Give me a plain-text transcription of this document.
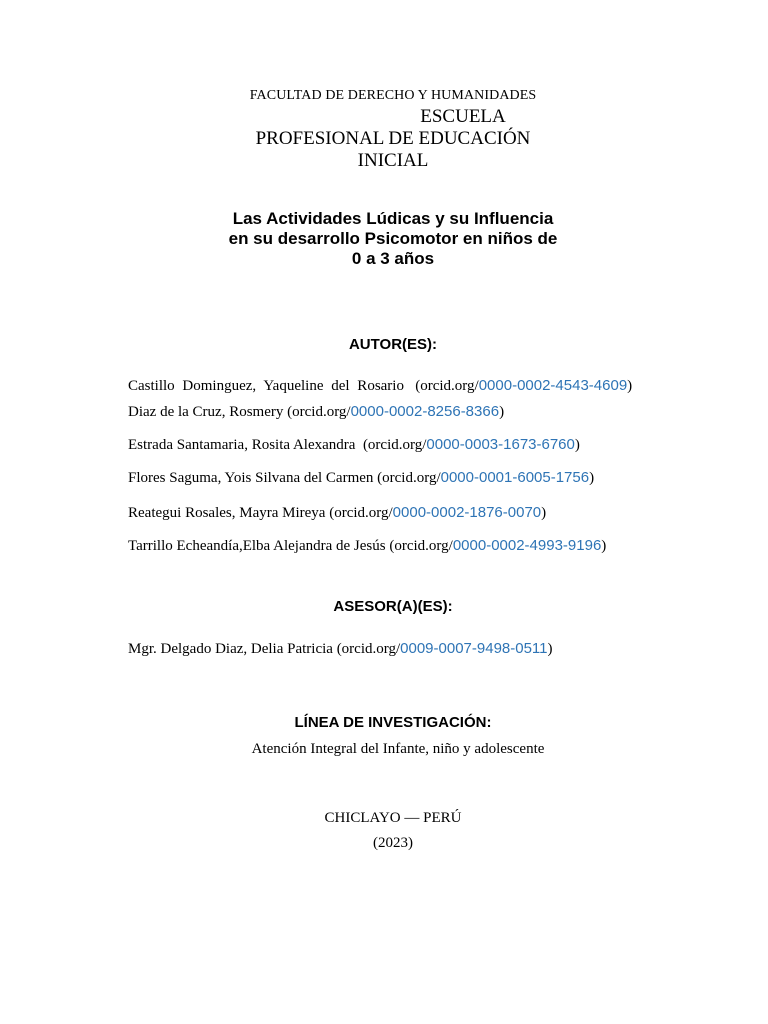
FACULTAD DE DERECHO Y HUMANIDADES
ESCUELA
PROFESIONAL DE EDUCACIÓN
INICIAL
Las Actividades Lúdicas y su Influencia
en su desarrollo Psicomotor en niños de
0 a 3 años
AUTOR(ES):
Castillo Dominguez, Yaqueline del Rosario   (orcid.org/0000-0002-4543-4609)
Diaz de la Cruz, Rosmery (orcid.org/0000-0002-8256-8366)
Estrada Santamaria, Rosita Alexandra  (orcid.org/0000-0003-1673-6760)
Flores Saguma, Yois Silvana del Carmen (orcid.org/0000-0001-6005-1756)
Reategui Rosales, Mayra Mireya (orcid.org/0000-0002-1876-0070)
Tarrillo Echeandía,Elba Alejandra de Jesús (orcid.org/0000-0002-4993-9196)
ASESOR(A)(ES):
Mgr. Delgado Diaz, Delia Patricia (orcid.org/0009-0007-9498-0511)
LÍNEA DE INVESTIGACIÓN:
Atención Integral del Infante, niño y adolescente
CHICLAYO — PERÚ
(2023)
